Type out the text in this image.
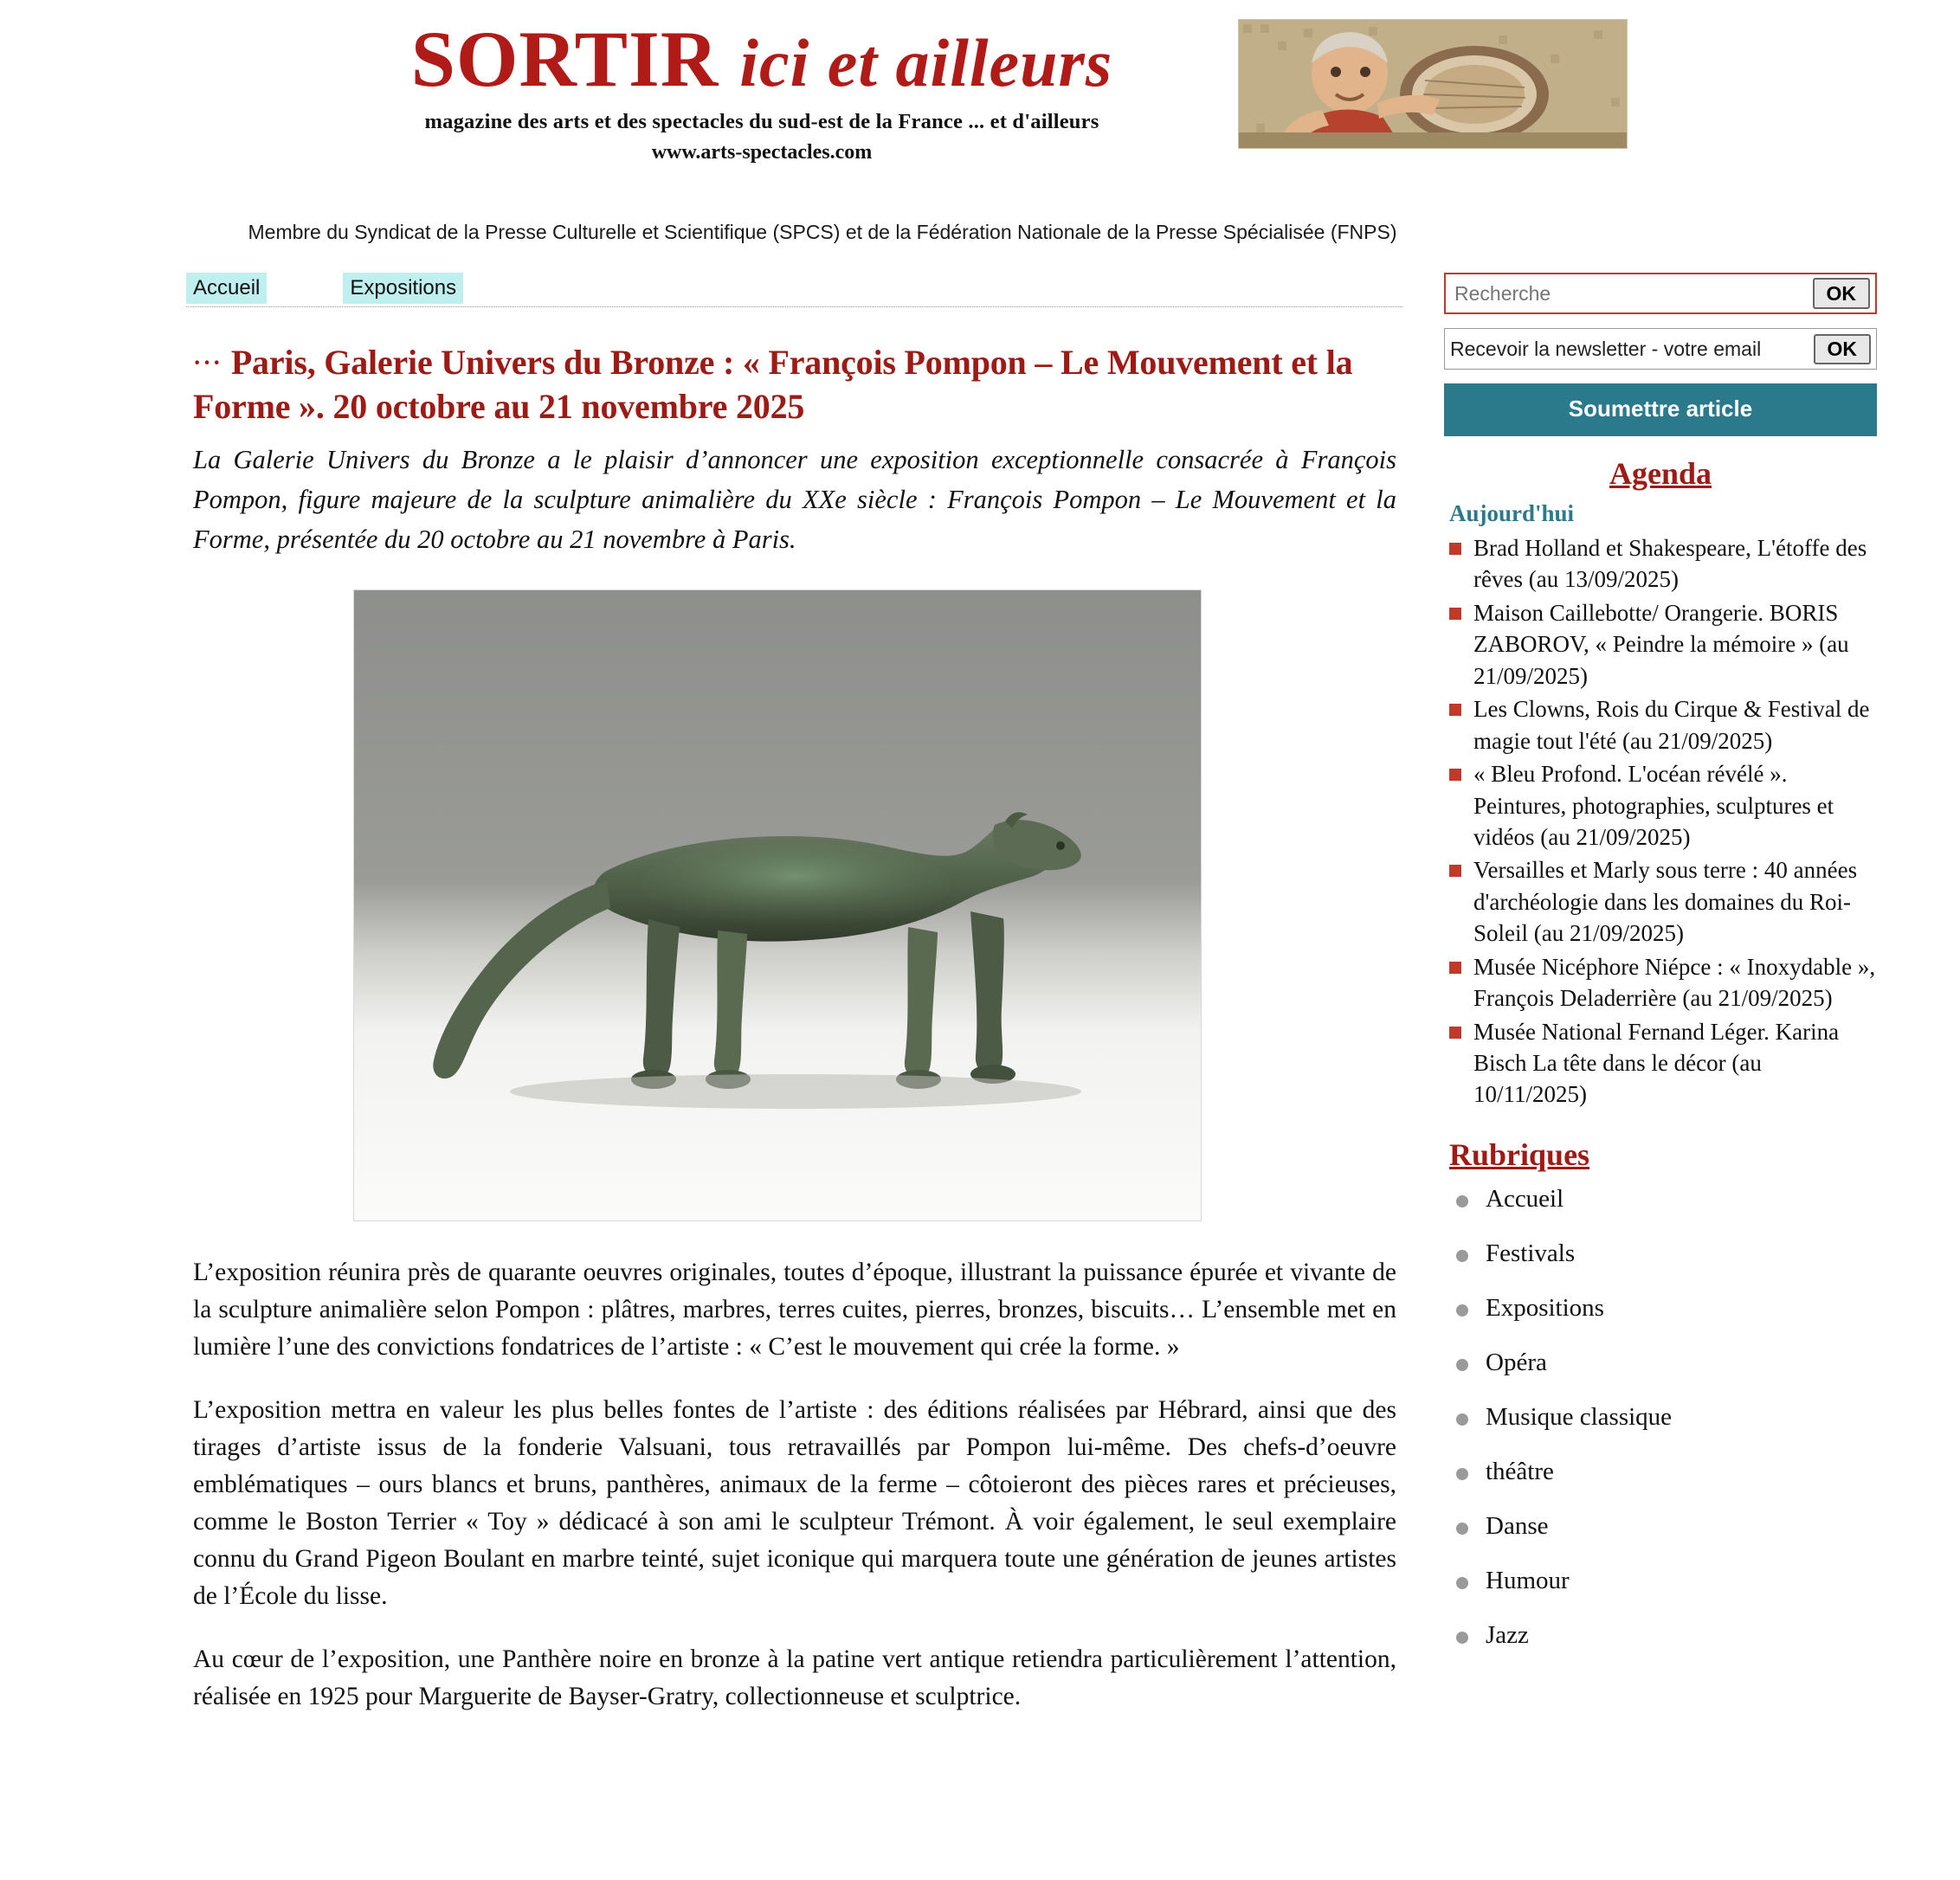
SORTIR ici et ailleurs
magazine des arts et des spectacles du sud-est de la France ... et d'ailleurs
www.arts-spectacles.com
Membre du Syndicat de la Presse Culturelle et Scientifique (SPCS) et de la Fédération Nationale de la Presse Spécialisée (FNPS)
Accueil	Expositions
··· Paris, Galerie Univers du Bronze : « François Pompon – Le Mouvement et la Forme ». 20 octobre au 21 novembre 2025

La Galerie Univers du Bronze a le plaisir d’annoncer une exposition exceptionnelle consacrée à François Pompon, figure majeure de la sculpture animalière du XXe siècle : François Pompon – Le Mouvement et la Forme, présentée du 20 octobre au 21 novembre à Paris.

L’exposition réunira près de quarante oeuvres originales, toutes d’époque, illustrant la puissance épurée et vivante de la sculpture animalière selon Pompon : plâtres, marbres, terres cuites, pierres, bronzes, biscuits… L’ensemble met en lumière l’une des convictions fondatrices de l’artiste : « C’est le mouvement qui crée la forme. »

L’exposition mettra en valeur les plus belles fontes de l’artiste : des éditions réalisées par Hébrard, ainsi que des tirages d’artiste issus de la fonderie Valsuani, tous retravaillés par Pompon lui-même. Des chefs-d’oeuvre emblématiques – ours blancs et bruns, panthères, animaux de la ferme – côtoieront des pièces rares et précieuses, comme le Boston Terrier « Toy » dédicacé à son ami le sculpteur Trémont. À voir également, le seul exemplaire connu du Grand Pigeon Boulant en marbre teinté, sujet iconique qui marquera toute une génération de jeunes artistes de l’École du lisse.

Au cœur de l’exposition, une Panthère noire en bronze à la patine vert antique retiendra particulièrement l’attention, réalisée en 1925 pour Marguerite de Bayser-Gratry, collectionneuse et sculptrice.

Recherche
OK
Recevoir la newsletter - votre email	OK
Soumettre article
Agenda
Aujourd'hui
Brad Holland et Shakespeare, L'étoffe des rêves (au 13/09/2025)
Maison Caillebotte/ Orangerie. BORIS ZABOROV, « Peindre la mémoire » (au 21/09/2025)
Les Clowns, Rois du Cirque & Festival de magie tout l'été (au 21/09/2025)
« Bleu Profond. L'océan révélé ». Peintures, photographies, sculptures et vidéos (au 21/09/2025)
Versailles et Marly sous terre : 40 années d'archéologie dans les domaines du Roi-Soleil (au 21/09/2025)
Musée Nicéphore Niépce : « Inoxydable », François Deladerrière (au 21/09/2025)
Musée National Fernand Léger. Karina Bisch La tête dans le décor (au 10/11/2025)
Rubriques
Accueil
Festivals
Expositions
Opéra
Musique classique
théâtre
Danse
Humour
Jazz
